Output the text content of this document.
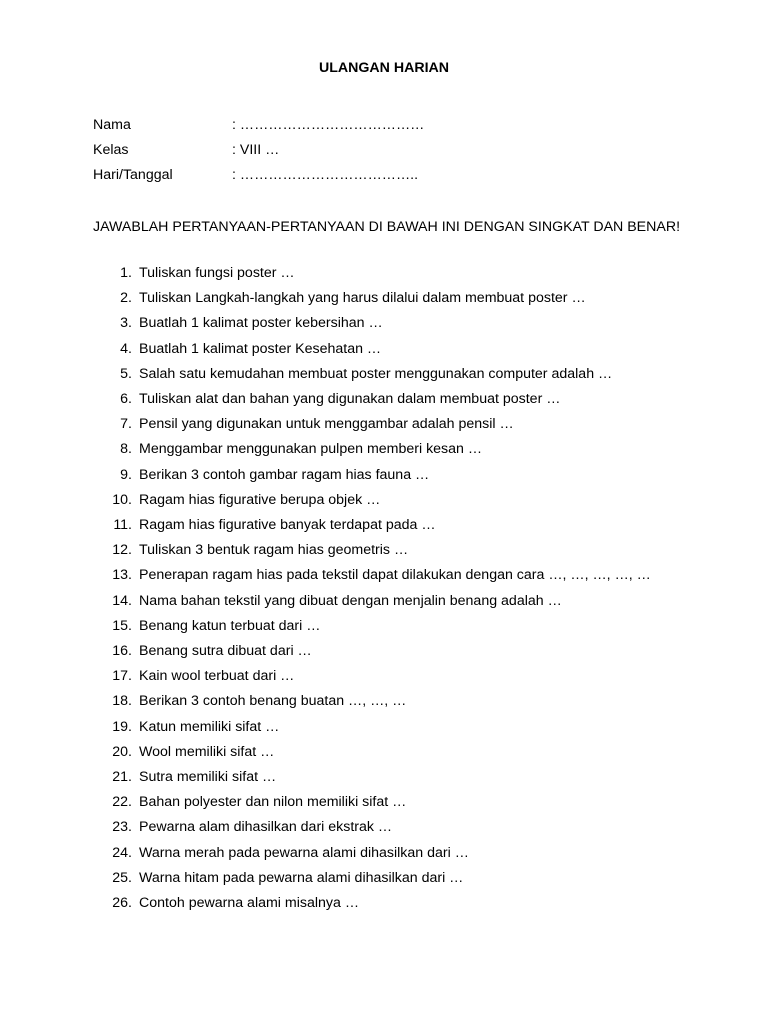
ULANGAN HARIAN
Nama	: …………………………………
Kelas	: VIII …
Hari/Tanggal	: ………………………………..
JAWABLAH PERTANYAAN-PERTANYAAN DI BAWAH INI DENGAN SINGKAT DAN BENAR!
1. Tuliskan fungsi poster …
2. Tuliskan Langkah-langkah yang harus dilalui dalam membuat poster …
3. Buatlah 1 kalimat poster kebersihan …
4. Buatlah 1 kalimat poster Kesehatan …
5. Salah satu kemudahan membuat poster menggunakan computer adalah …
6. Tuliskan alat dan bahan yang digunakan dalam membuat poster …
7. Pensil yang digunakan untuk menggambar adalah pensil …
8. Menggambar menggunakan pulpen memberi kesan …
9. Berikan 3 contoh gambar ragam hias fauna …
10. Ragam hias figurative berupa objek …
11. Ragam hias figurative banyak terdapat pada …
12. Tuliskan 3 bentuk ragam hias geometris …
13. Penerapan ragam hias pada tekstil dapat dilakukan dengan cara …, …, …, …, …
14. Nama bahan tekstil yang dibuat dengan menjalin benang adalah …
15. Benang katun terbuat dari …
16. Benang sutra dibuat dari …
17. Kain wool terbuat dari …
18. Berikan 3 contoh benang buatan …, …, …
19. Katun memiliki sifat …
20. Wool memiliki sifat …
21. Sutra memiliki sifat …
22. Bahan polyester dan nilon memiliki sifat …
23. Pewarna alam dihasilkan dari ekstrak …
24. Warna merah pada pewarna alami dihasilkan dari …
25. Warna hitam pada pewarna alami dihasilkan dari …
26. Contoh pewarna alami misalnya …
